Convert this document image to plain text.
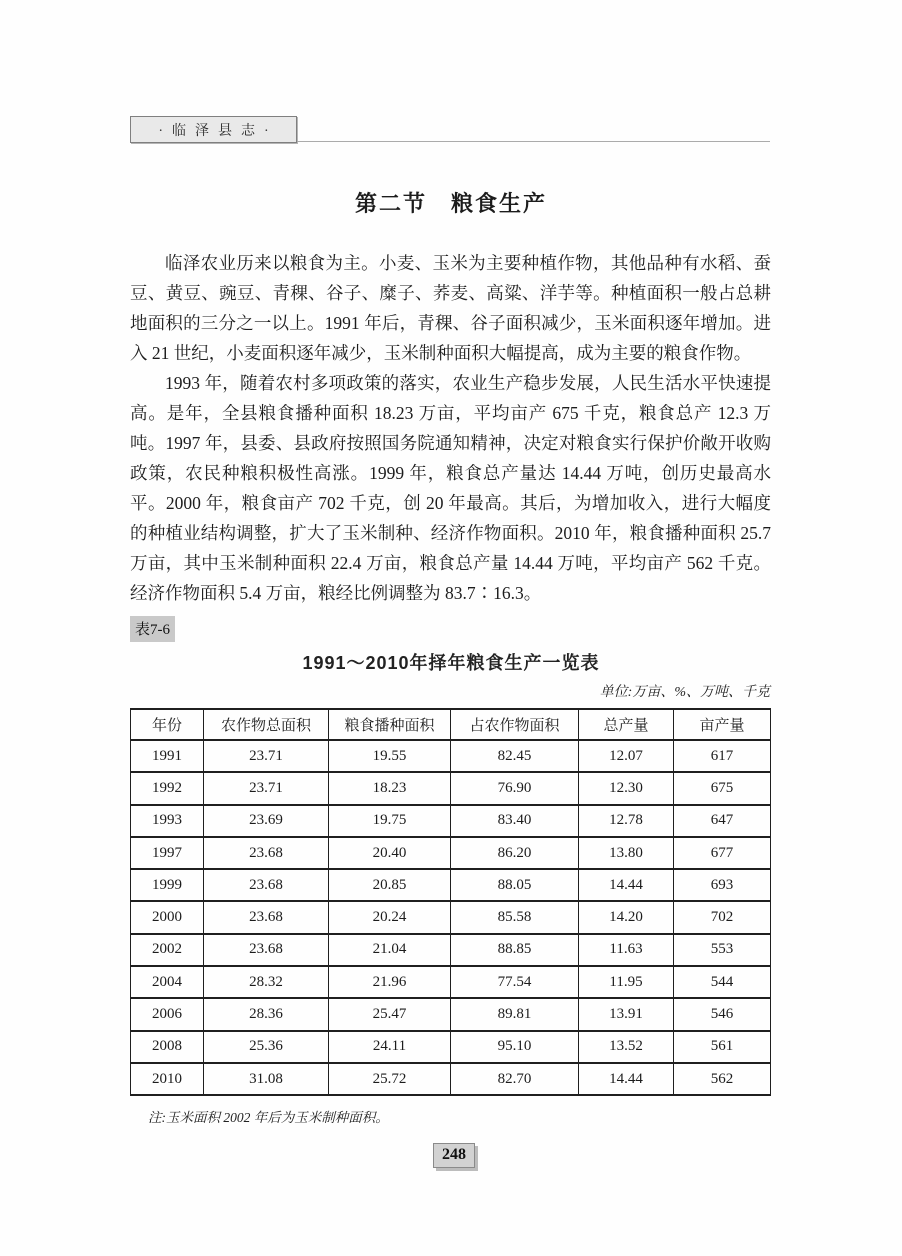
·临泽县志·
第二节　粮食生产

临泽农业历来以粮食为主。小麦、玉米为主要种植作物，其他品种有水稻、蚕豆、黄豆、豌豆、青稞、谷子、糜子、荞麦、高粱、洋芋等。种植面积一般占总耕地面积的三分之一以上。1991 年后，青稞、谷子面积减少，玉米面积逐年增加。进入 21 世纪，小麦面积逐年减少，玉米制种面积大幅提高，成为主要的粮食作物。

1993 年，随着农村多项政策的落实，农业生产稳步发展，人民生活水平快速提高。是年，全县粮食播种面积 18.23 万亩，平均亩产 675 千克，粮食总产 12.3 万吨。1997 年，县委、县政府按照国务院通知精神，决定对粮食实行保护价敞开收购政策，农民种粮积极性高涨。1999 年，粮食总产量达 14.44 万吨，创历史最高水平。2000 年，粮食亩产 702 千克，创 20 年最高。其后，为增加收入，进行大幅度的种植业结构调整，扩大了玉米制种、经济作物面积。2010 年，粮食播种面积 25.7 万亩，其中玉米制种面积 22.4 万亩，粮食总产量 14.44 万吨，平均亩产 562 千克。经济作物面积 5.4 万亩，粮经比例调整为 83.7∶16.3。

表7-6
1991～2010年择年粮食生产一览表
单位:万亩、%、万吨、千克
年份	农作物总面积	粮食播种面积	占农作物面积	总产量	亩产量
1991	23.71	19.55	82.45	12.07	617
1992	23.71	18.23	76.90	12.30	675
1993	23.69	19.75	83.40	12.78	647
1997	23.68	20.40	86.20	13.80	677
1999	23.68	20.85	88.05	14.44	693
2000	23.68	20.24	85.58	14.20	702
2002	23.68	21.04	88.85	11.63	553
2004	28.32	21.96	77.54	11.95	544
2006	28.36	25.47	89.81	13.91	546
2008	25.36	24.11	95.10	13.52	561
2010	31.08	25.72	82.70	14.44	562
注:玉米面积 2002 年后为玉米制种面积。
248
